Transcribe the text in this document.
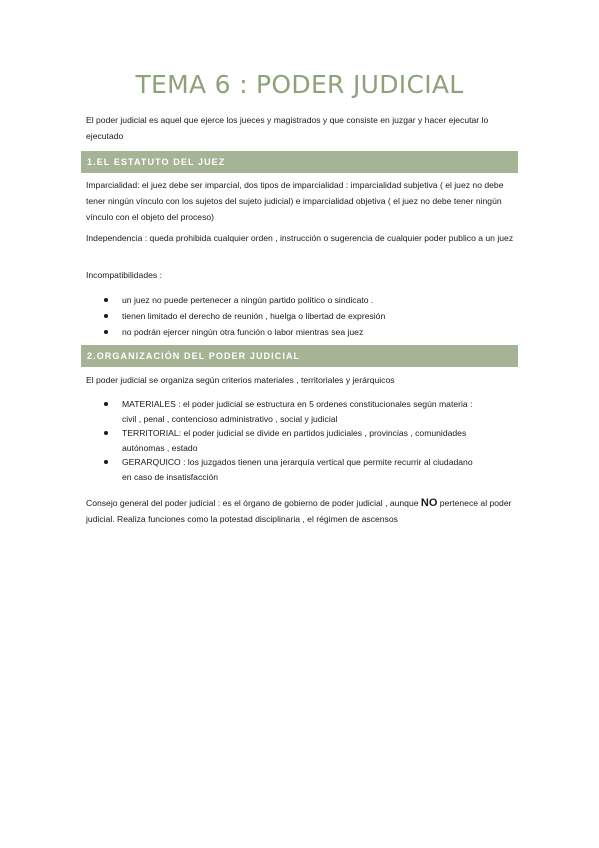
TEMA 6 : PODER JUDICIAL

El poder judicial es aquel que ejerce los jueces y magistrados y que consiste en juzgar y hacer ejecutar lo ejecutado

1.EL ESTATUTO DEL JUEZ

Imparcialidad: el juez debe ser imparcial, dos tipos de imparcialidad : imparcialidad subjetiva ( el juez no debe tener ningún vínculo con los sujetos del sujeto judicial) e imparcialidad objetiva ( el juez no debe tener ningún vínculo con el objeto del proceso)

Independencia : queda prohibida cualquier orden , instrucción o sugerencia de cualquier poder publico a un juez

Incompatibilidades :

un juez no puede pertenecer a ningún partido político o sindicato .
tienen limitado el derecho de reunión , huelga o libertad de expresión
no podrán ejercer ningún otra función o labor mientras sea juez
2.ORGANIZACIÓN DEL PODER JUDICIAL

El poder judicial se organiza según criterios materiales , territoriales y jerárquicos

MATERIALES : el poder judicial se estructura en 5 ordenes constitucionales según materia : civil , penal , contencioso administrativo , social y judicial
TERRITORIAL: el poder judicial se divide en partidos judiciales , provincias , comunidades autónomas , estado
GERARQUICO : los juzgados tienen una jerarquía vertical que permite recurrir al ciudadano en caso de insatisfacción

Consejo general del poder judicial : es el órgano de gobierno de poder judicial , aunque NO pertenece al poder judicial. Realiza funciones como la potestad disciplinaria , el régimen de ascensos
